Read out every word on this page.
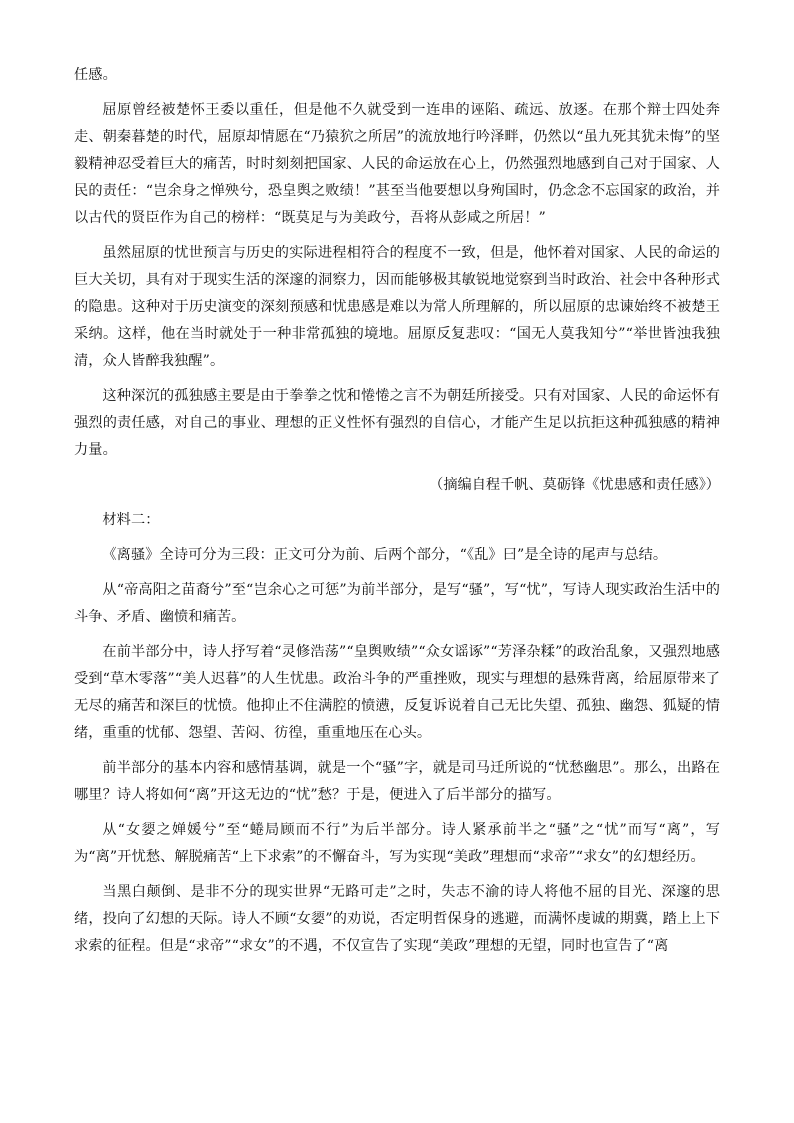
任感。

屈原曾经被楚怀王委以重任，但是他不久就受到一连串的诬陷、疏远、放逐。在那个辩士四处奔走、朝秦暮楚的时代，屈原却情愿在“乃猿狖之所居”的流放地行吟泽畔，仍然以“虽九死其犹未悔”的坚毅精神忍受着巨大的痛苦，时时刻刻把国家、人民的命运放在心上，仍然强烈地感到自己对于国家、人民的责任：“岂余身之惮殃兮，恐皇舆之败绩！”甚至当他要想以身殉国时，仍念念不忘国家的政治，并以古代的贤臣作为自己的榜样：“既莫足与为美政兮，吾将从彭咸之所居！”

虽然屈原的忧世预言与历史的实际进程相符合的程度不一致，但是，他怀着对国家、人民的命运的巨大关切，具有对于现实生活的深邃的洞察力，因而能够极其敏锐地觉察到当时政治、社会中各种形式的隐患。这种对于历史演变的深刻预感和忧患感是难以为常人所理解的，所以屈原的忠谏始终不被楚王采纳。这样，他在当时就处于一种非常孤独的境地。屈原反复悲叹：“国无人莫我知兮”“举世皆浊我独清，众人皆醉我独醒”。

这种深沉的孤独感主要是由于拳拳之忱和惓惓之言不为朝廷所接受。只有对国家、人民的命运怀有强烈的责任感，对自己的事业、理想的正义性怀有强烈的自信心，才能产生足以抗拒这种孤独感的精神力量。

（摘编自程千帆、莫砺锋《忧患感和责任感》）

材料二：

《离骚》全诗可分为三段：正文可分为前、后两个部分，“《乱》曰”是全诗的尾声与总结。

从“帝高阳之苗裔兮”至“岂余心之可惩”为前半部分，是写“骚”，写“忧”，写诗人现实政治生活中的斗争、矛盾、幽愤和痛苦。

在前半部分中，诗人抒写着“灵修浩荡”“皇舆败绩”“众女谣诼”“芳泽杂糅”的政治乱象，又强烈地感受到“草木零落”“美人迟暮”的人生忧患。政治斗争的严重挫败，现实与理想的悬殊背离，给屈原带来了无尽的痛苦和深巨的忧愤。他抑止不住满腔的愤懑，反复诉说着自己无比失望、孤独、幽怨、狐疑的情绪，重重的忧郁、怨望、苦闷、彷徨，重重地压在心头。

前半部分的基本内容和感情基调，就是一个“骚”字，就是司马迁所说的“忧愁幽思”。那么，出路在哪里？诗人将如何“离”开这无边的“忧”愁？于是，便进入了后半部分的描写。

从“女媭之婵媛兮”至“蜷局顾而不行”为后半部分。诗人紧承前半之“骚”之“忧”而写“离”，写为“离”开忧愁、解脱痛苦“上下求索”的不懈奋斗，写为实现“美政”理想而“求帝”“求女”的幻想经历。

当黑白颠倒、是非不分的现实世界“无路可走”之时，失志不渝的诗人将他不屈的目光、深邃的思绪，投向了幻想的天际。诗人不顾“女媭”的劝说，否定明哲保身的逃避，而满怀虔诚的期冀，踏上上下求索的征程。但是“求帝”“求女”的不遇，不仅宣告了实现“美政”理想的无望，同时也宣告了“离
